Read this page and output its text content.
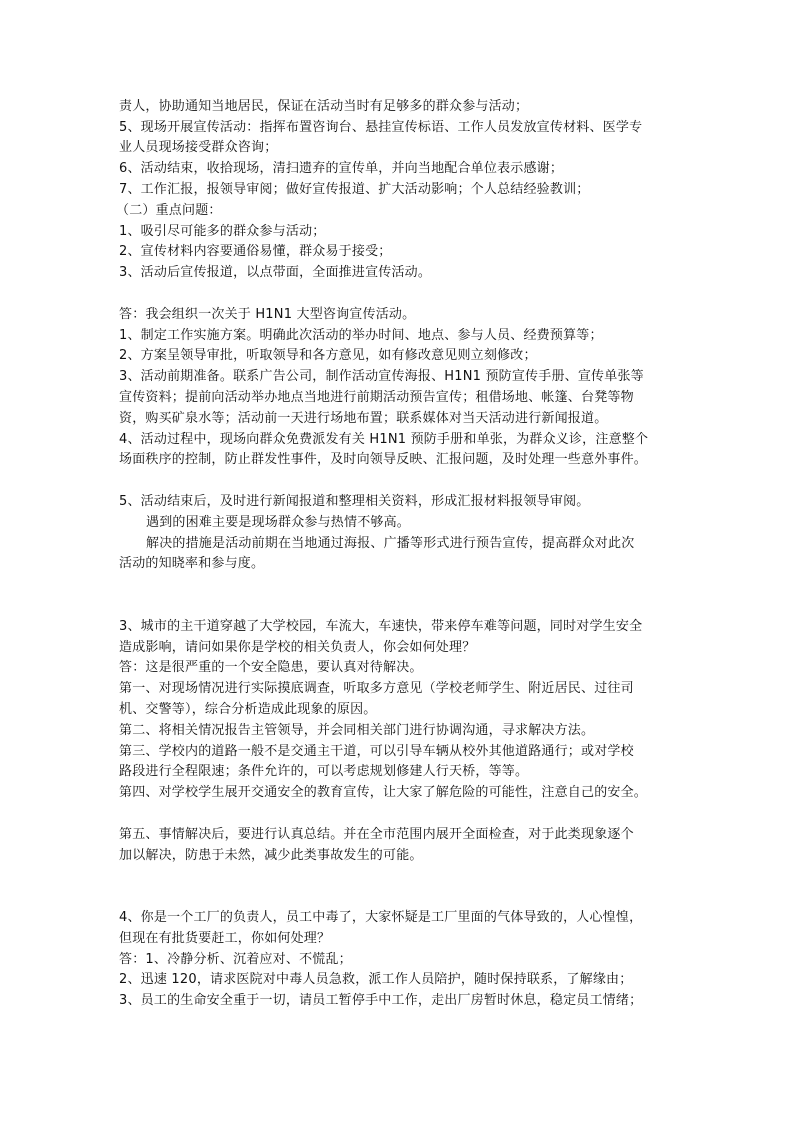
责人，协助通知当地居民，保证在活动当时有足够多的群众参与活动；
5、现场开展宣传活动：指挥布置咨询台、悬挂宣传标语、工作人员发放宣传材料、医学专
业人员现场接受群众咨询；
6、活动结束，收拾现场，清扫遗弃的宣传单，并向当地配合单位表示感谢；
7、工作汇报，报领导审阅；做好宣传报道、扩大活动影响；个人总结经验教训；
（二）重点问题：
1、吸引尽可能多的群众参与活动；
2、宣传材料内容要通俗易懂，群众易于接受；
3、活动后宣传报道，以点带面，全面推进宣传活动。
答：我会组织一次关于 H1N1 大型咨询宣传活动。
1、制定工作实施方案。明确此次活动的举办时间、地点、参与人员、经费预算等；
2、方案呈领导审批，听取领导和各方意见，如有修改意见则立刻修改；
3、活动前期准备。联系广告公司，制作活动宣传海报、H1N1 预防宣传手册、宣传单张等
宣传资料；提前向活动举办地点当地进行前期活动预告宣传；租借场地、帐篷、台凳等物
资，购买矿泉水等；活动前一天进行场地布置；联系媒体对当天活动进行新闻报道。
4、活动过程中，现场向群众免费派发有关 H1N1 预防手册和单张，为群众义诊，注意整个
场面秩序的控制，防止群发性事件，及时向领导反映、汇报问题，及时处理一些意外事件。
5、活动结束后，及时进行新闻报道和整理相关资料，形成汇报材料报领导审阅。
遇到的困难主要是现场群众参与热情不够高。
解决的措施是活动前期在当地通过海报、广播等形式进行预告宣传，提高群众对此次
活动的知晓率和参与度。
3、城市的主干道穿越了大学校园，车流大，车速快，带来停车难等问题，同时对学生安全
造成影响，请问如果你是学校的相关负责人，你会如何处理？
答：这是很严重的一个安全隐患，要认真对待解决。
第一、对现场情况进行实际摸底调查，听取多方意见（学校老师学生、附近居民、过往司
机、交警等），综合分析造成此现象的原因。
第二、将相关情况报告主管领导，并会同相关部门进行协调沟通，寻求解决方法。
第三、学校内的道路一般不是交通主干道，可以引导车辆从校外其他道路通行；或对学校
路段进行全程限速；条件允许的，可以考虑规划修建人行天桥，等等。
第四、对学校学生展开交通安全的教育宣传，让大家了解危险的可能性，注意自己的安全。
第五、事情解决后，要进行认真总结。并在全市范围内展开全面检查，对于此类现象逐个
加以解决，防患于未然，减少此类事故发生的可能。
4、你是一个工厂的负责人，员工中毒了，大家怀疑是工厂里面的气体导致的，人心惶惶，
但现在有批货要赶工，你如何处理？
答：1、冷静分析、沉着应对、不慌乱；
2、迅速 120，请求医院对中毒人员急救，派工作人员陪护，随时保持联系，了解缘由；
3、员工的生命安全重于一切，请员工暂停手中工作，走出厂房暂时休息，稳定员工情绪；
